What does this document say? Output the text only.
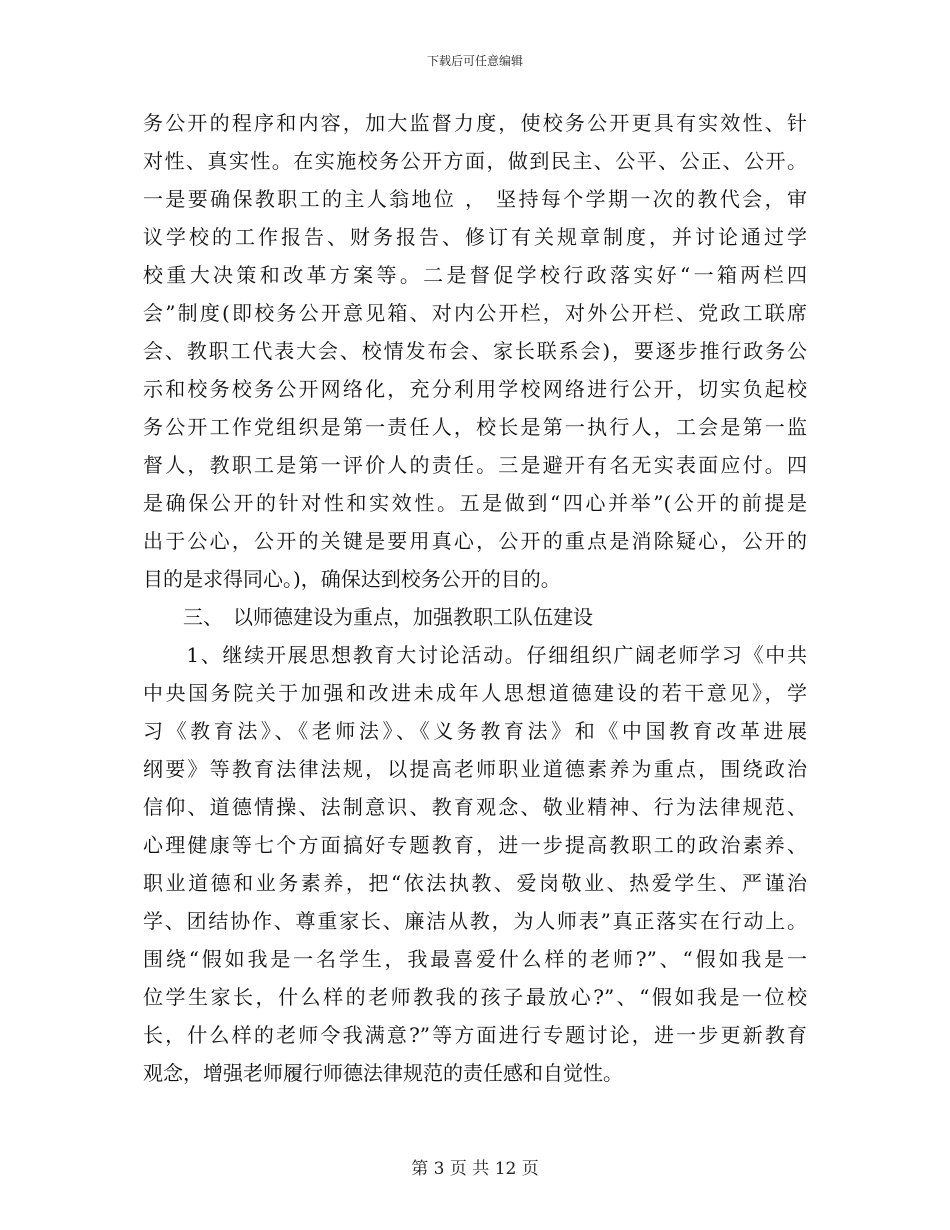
下载后可任意编辑
务公开的程序和内容，加大监督力度，使校务公开更具有实效性、针
对性、真实性。在实施校务公开方面，做到民主、公平、公正、公开。
一是要确保教职工的主人翁地位 ， 坚持每个学期一次的教代会，审
议学校的工作报告、财务报告、修订有关规章制度，并讨论通过学
校重大决策和改革方案等。二是督促学校行政落实好“一箱两栏四
会”制度(即校务公开意见箱、对内公开栏，对外公开栏、党政工联席
会、教职工代表大会、校情发布会、家长联系会)，要逐步推行政务公
示和校务校务公开网络化，充分利用学校网络进行公开，切实负起校
务公开工作党组织是第一责任人，校长是第一执行人，工会是第一监
督人，教职工是第一评价人的责任。三是避开有名无实表面应付。四
是确保公开的针对性和实效性。五是做到“四心并举”(公开的前提是
出于公心，公开的关键是要用真心，公开的重点是消除疑心，公开的
目的是求得同心。)，确保达到校务公开的目的。
　　三、　以师德建设为重点，加强教职工队伍建设
　　1、继续开展思想教育大讨论活动。仔细组织广阔老师学习《中共
中央国务院关于加强和改进未成年人思想道德建设的若干意见》，学
习《教育法》、《老师法》、《义务教育法》和《中国教育改革进展
纲要》等教育法律法规，以提高老师职业道德素养为重点，围绕政治
信仰、道德情操、法制意识、教育观念、敬业精神、行为法律规范、
心理健康等七个方面搞好专题教育，进一步提高教职工的政治素养、
职业道德和业务素养，把“依法执教、爱岗敬业、热爱学生、严谨治
学、团结协作、尊重家长、廉洁从教，为人师表”真正落实在行动上。
围绕“假如我是一名学生，我最喜爱什么样的老师?”、“假如我是一
位学生家长，什么样的老师教我的孩子最放心?”、“假如我是一位校
长，什么样的老师令我满意?”等方面进行专题讨论，进一步更新教育
观念，增强老师履行师德法律规范的责任感和自觉性。
第 3 页 共 12 页
